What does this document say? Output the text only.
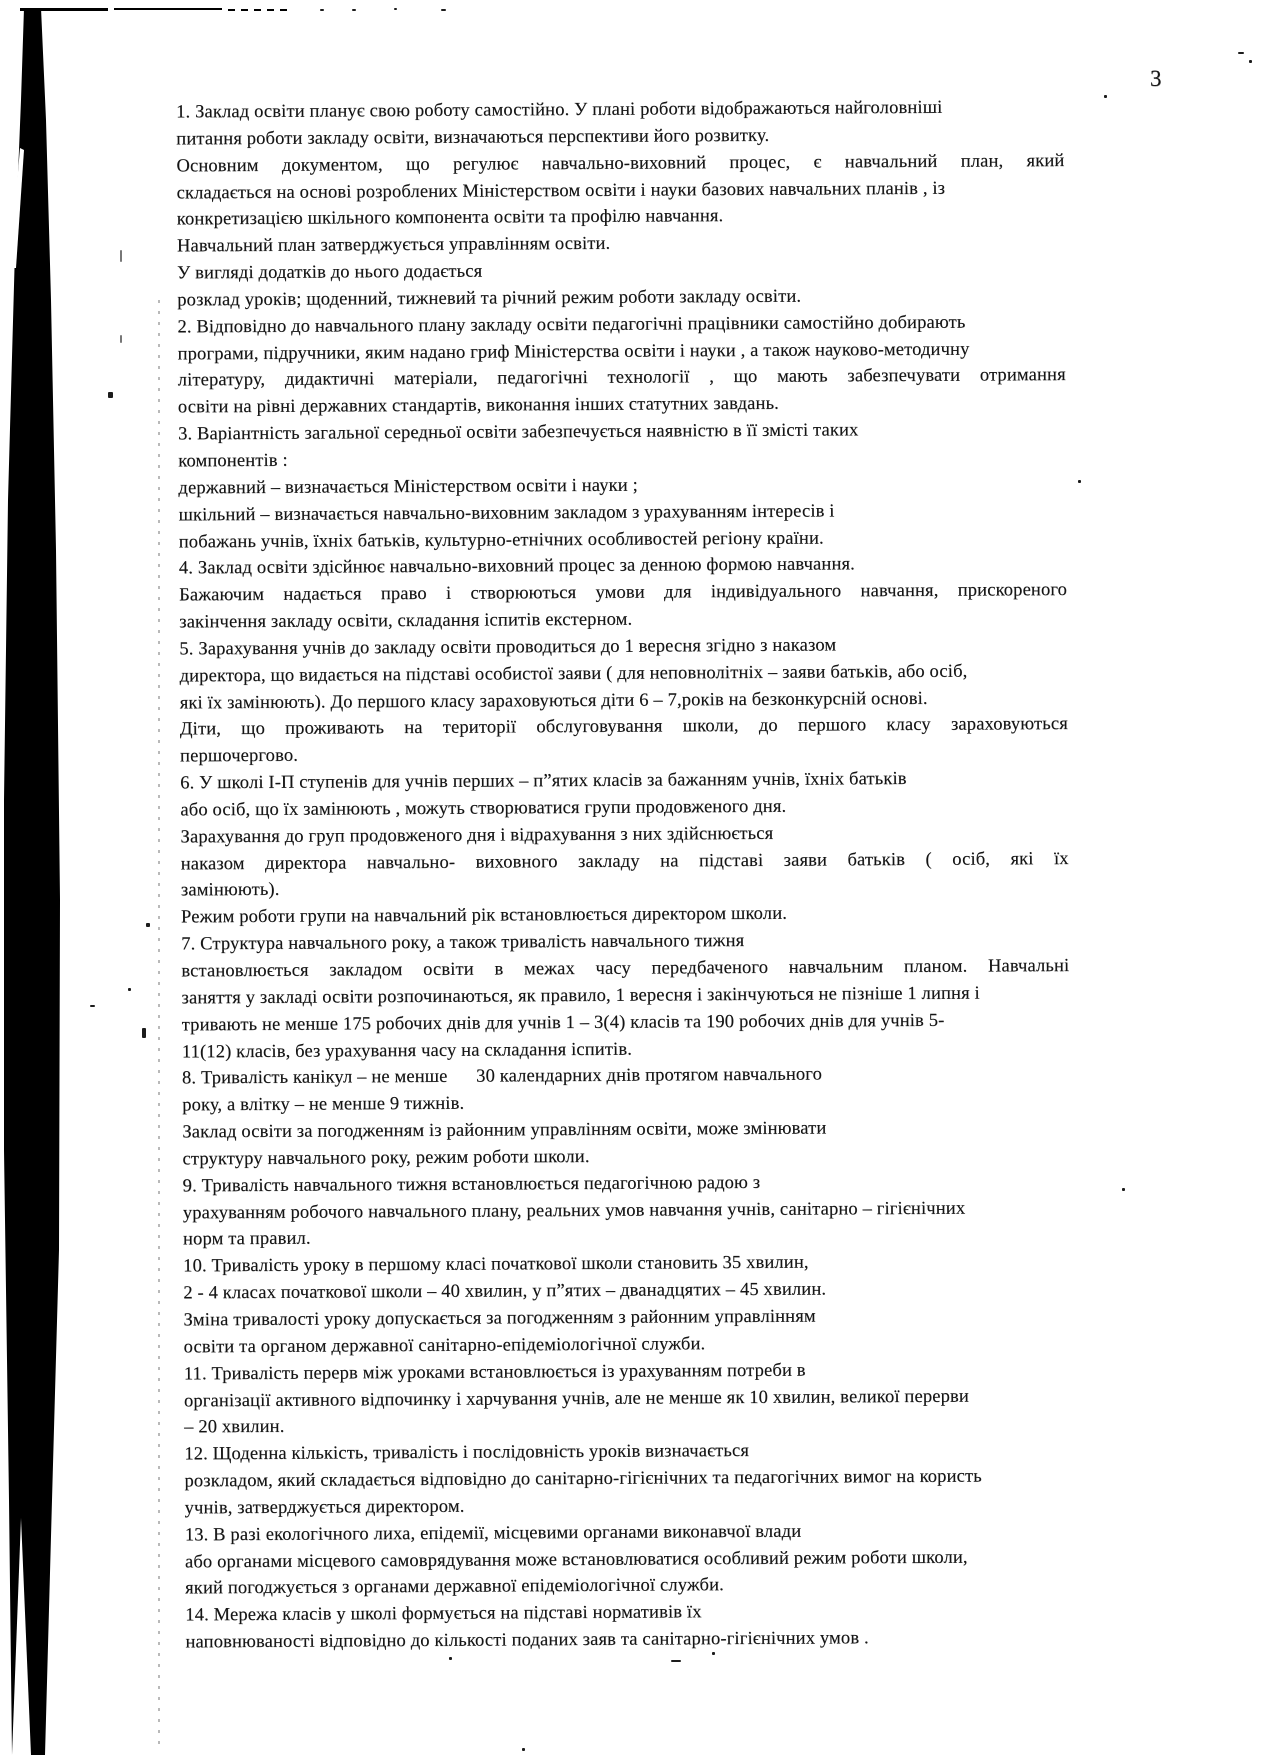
3
1. Заклад освіти планує свою роботу самостійно. У плані роботи відображаються найголовніші
питання роботи закладу освіти, визначаються перспективи його розвитку.
Основним документом, що регулює навчально-виховний процес, є навчальний план, який
складається на основі розроблених Міністерством освіти і науки базових навчальних планів , із
конкретизацією шкільного компонента освіти та профілю навчання.
Навчальний план затверджується управлінням освіти.
У вигляді додатків до нього додається
розклад уроків; щоденний, тижневий та річний режим роботи закладу освіти.
2. Відповідно до навчального плану закладу освіти педагогічні працівники самостійно добирають
програми, підручники, яким надано гриф Міністерства освіти і науки , а також науково-методичну
літературу, дидактичні матеріали, педагогічні технології , що мають забезпечувати отримання
освіти на рівні державних стандартів, виконання інших статутних завдань.
3. Варіантність загальної середньої освіти забезпечується наявністю в її змісті таких
компонентів :
державний – визначається Міністерством освіти і науки ;
шкільний – визначається навчально-виховним закладом з урахуванням інтересів і
побажань учнів, їхніх батьків, культурно-етнічних особливостей регіону країни.
4. Заклад освіти здісйнює навчально-виховний процес за денною формою навчання.
Бажаючим надається право і створюються умови для індивідуального навчання, прискореного
закінчення закладу освіти, складання іспитів екстерном.
5. Зарахування учнів до закладу освіти проводиться до 1 вересня згідно з наказом
директора, що видається на підставі особистої заяви ( для неповнолітніх – заяви батьків, або осіб,
які їх замінюють). До першого класу зараховуються діти 6 – 7,років на безконкурсній основі.
Діти, що проживають на території обслуговування школи, до першого класу зараховуються
першочергово.
6. У школі І-П ступенів для учнів перших – п”ятих класів за бажанням учнів, їхніх батьків
або осіб, що їх замінюють , можуть створюватися групи продовженого дня.
Зарахування до груп продовженого дня і відрахування з них здійснюється
наказом директора навчально- виховного закладу на підставі заяви батьків ( осіб, які їх
замінюють).
Режим роботи групи на навчальний рік встановлюється директором школи.
7. Структура навчального року, а також тривалість навчального тижня
встановлюється закладом освіти в межах часу передбаченого навчальним планом. Навчальні
заняття у закладі освіти розпочинаються, як правило, 1 вересня і закінчуються не пізніше 1 липня і
тривають не менше 175 робочих днів для учнів 1 – 3(4) класів та 190 робочих днів для учнів 5-
11(12) класів, без урахування часу на складання іспитів.
8. Тривалість канікул – не менше      30 календарних днів протягом навчального
року, а влітку – не менше 9 тижнів.
Заклад освіти за погодженням із районним управлінням освіти, може змінювати
структуру навчального року, режим роботи школи.
9. Тривалість навчального тижня встановлюється педагогічною радою з
урахуванням робочого навчального плану, реальних умов навчання учнів, санітарно – гігієнічних
норм та правил.
10. Тривалість уроку в першому класі початкової школи становить 35 хвилин,
2 - 4 класах початкової школи – 40 хвилин, у п”ятих – дванадцятих – 45 хвилин.
Зміна тривалості уроку допускається за погодженням з районним управлінням
освіти та органом державної санітарно-епідеміологічної служби.
11. Тривалість перерв між уроками встановлюється із урахуванням потреби в
організації активного відпочинку і харчування учнів, але не менше як 10 хвилин, великої перерви
– 20 хвилин.
12. Щоденна кількість, тривалість і послідовність уроків визначається
розкладом, який складається відповідно до санітарно-гігієнічних та педагогічних вимог на користь
учнів, затверджується директором.
13. В разі екологічного лиха, епідемії, місцевими органами виконавчої влади
або органами місцевого самоврядування може встановлюватися особливий режим роботи школи,
який погоджується з органами державної епідеміологічної служби.
14. Мережа класів у школі формується на підставі нормативів їх
наповнюваності відповідно до кількості поданих заяв та санітарно-гігієнічних умов .
